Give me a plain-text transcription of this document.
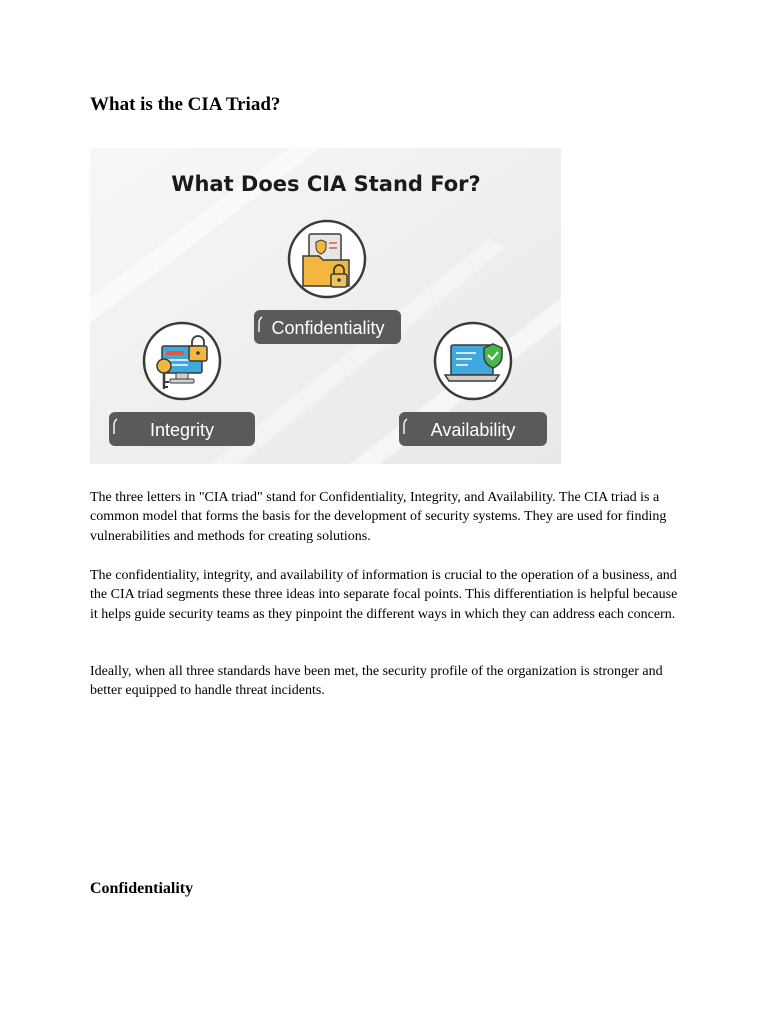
What is the CIA Triad?
What Does CIA Stand For?
Confidentiality
Integrity	Availability

The three letters in "CIA triad" stand for Confidentiality, Integrity, and Availability. The CIA triad is a common model that forms the basis for the development of security systems. They are used for finding vulnerabilities and methods for creating solutions.

The confidentiality, integrity, and availability of information is crucial to the operation of a business, and the CIA triad segments these three ideas into separate focal points. This differentiation is helpful because it helps guide security teams as they pinpoint the different ways in which they can address each concern.

Ideally, when all three standards have been met, the security profile of the organization is stronger and better equipped to handle threat incidents.

Confidentiality
